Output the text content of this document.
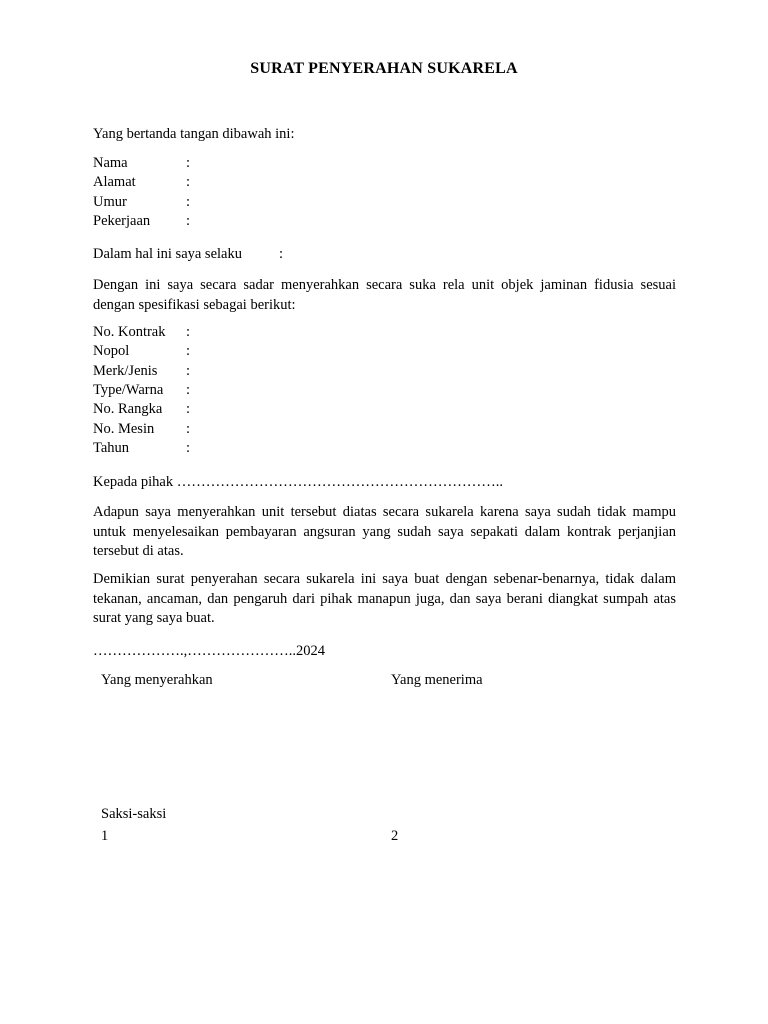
SURAT PENYERAHAN SUKARELA
Yang bertanda tangan dibawah ini:
Nama	:
Alamat	:
Umur	:
Pekerjaan :
Dalam hal ini saya selaku	:
Dengan ini saya secara sadar menyerahkan secara suka rela unit objek jaminan fidusia sesuai dengan spesifikasi sebagai berikut:
No. Kontrak :
Nopol	:
Merk/Jenis :
Type/Warna :
No. Rangka :
No. Mesin :
Tahun	:
Kepada pihak …………………………………………………………..
Adapun saya menyerahkan unit tersebut diatas secara sukarela karena saya sudah tidak mampu untuk menyelesaikan pembayaran angsuran yang sudah saya sepakati dalam kontrak perjanjian tersebut di atas.
Demikian surat penyerahan secara sukarela ini saya buat dengan sebenar-benarnya, tidak dalam tekanan, ancaman, dan pengaruh dari pihak manapun juga, dan saya berani diangkat sumpah atas surat yang saya buat.
……………….,…………………..2024
Yang menyerahkan	Yang menerima
Saksi-saksi
1	2
